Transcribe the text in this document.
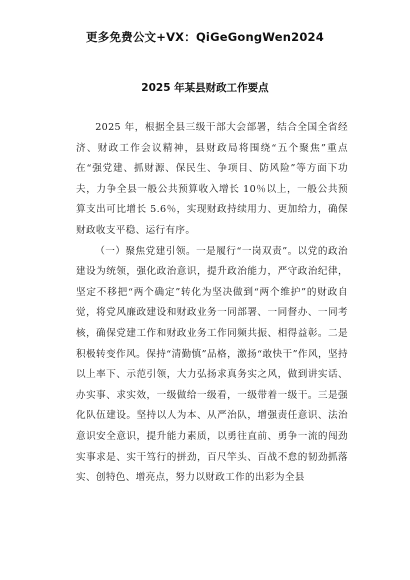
更多免费公文+VX：QiGeGongWen2024
2025 年某县财政工作要点

2025 年，根据全县三级干部大会部署，结合全国全省经济、财政工作会议精神，县财政局将围绕“五个聚焦”重点在“强党建、抓财源、保民生、争项目、防风险”等方面下功夫，力争全县一般公共预算收入增长 10％以上，一般公共预算支出可比增长 5.6％，实现财政持续用力、更加给力，确保财政收支平稳、运行有序。

（一）聚焦党建引领。一是履行“一岗双责”。以党的政治建设为统领，强化政治意识，提升政治能力，严守政治纪律，坚定不移把“两个确定”转化为坚决做到“两个维护”的财政自觉，将党风廉政建设和财政业务一同部署、一同督办、一同考核，确保党建工作和财政业务工作同频共振、相得益彰。二是积极转变作风。保持“清勤慎”品格，激扬“敢快干”作风，坚持以上率下、示范引领，大力弘扬求真务实之风，做到讲实话、办实事、求实效，一级做给一级看，一级带着一级干。三是强化队伍建设。坚持以人为本、从严治队，增强责任意识、法治意识安全意识，提升能力素质，以勇往直前、勇争一流的闯劲实事求是、实干笃行的拼劲，百尺竿头、百战不怠的韧劲抓落实、创特色、增亮点，努力以财政工作的出彩为全县
